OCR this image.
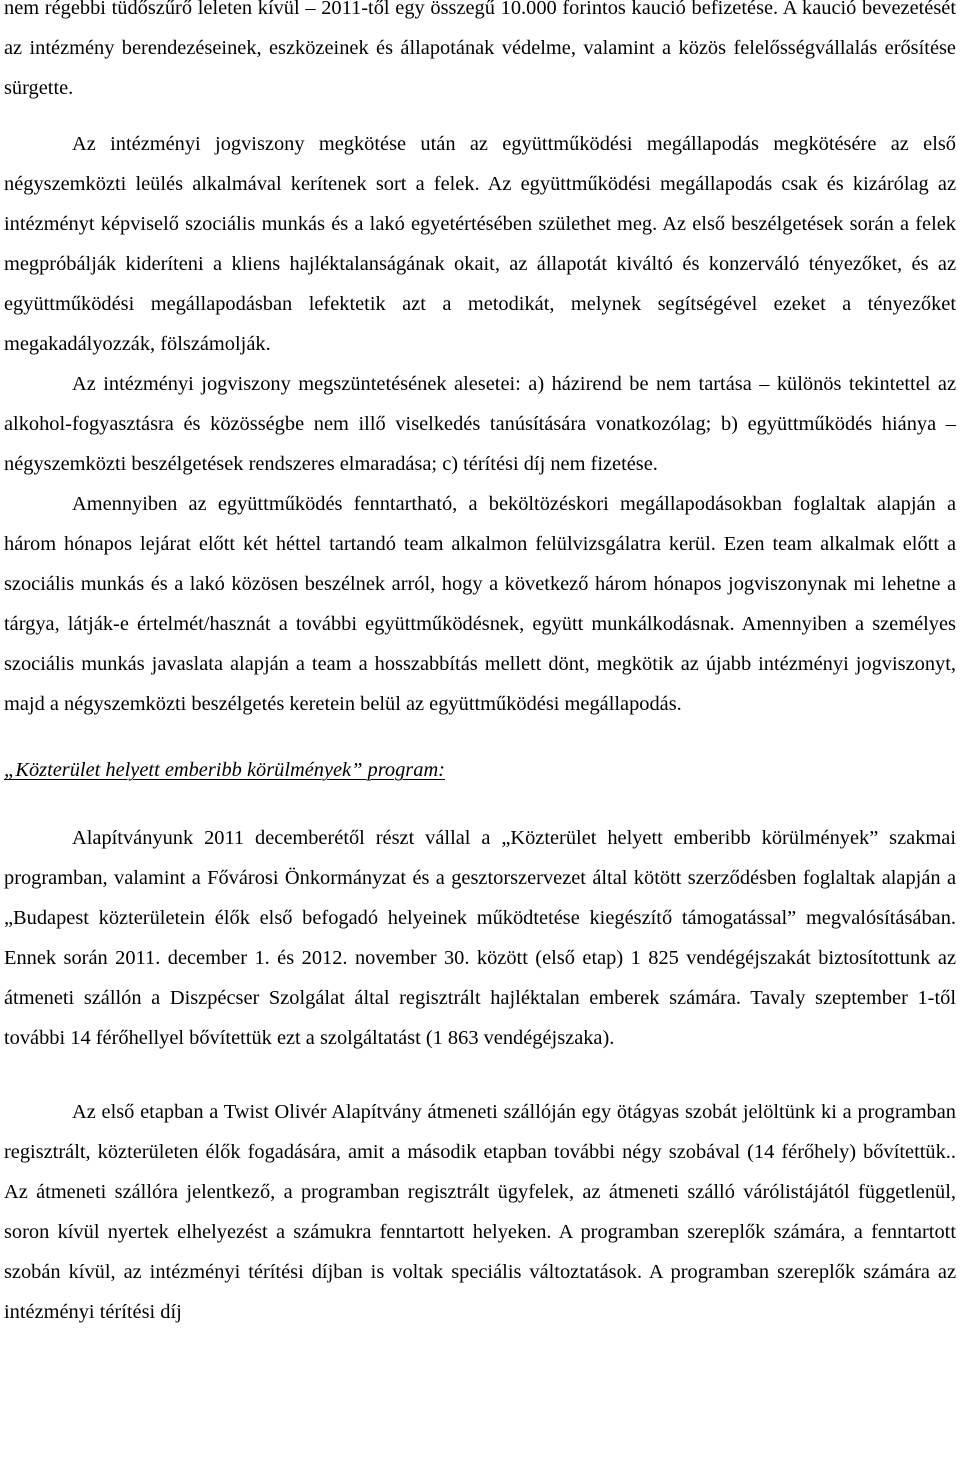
nem régebbi tüdőszűrő leleten kívül – 2011-től egy összegű 10.000 forintos kaució befizetése. A kaució bevezetését az intézmény berendezéseinek, eszközeinek és állapotának védelme, valamint a közös felelősségvállalás erősítése sürgette.

Az intézményi jogviszony megkötése után az együttműködési megállapodás megkötésére az első négyszemközti leülés alkalmával kerítenek sort a felek. Az együttműködési megállapodás csak és kizárólag az intézményt képviselő szociális munkás és a lakó egyetértésében születhet meg. Az első beszélgetések során a felek megpróbálják kideríteni a kliens hajléktalanságának okait, az állapotát kiváltó és konzerváló tényezőket, és az együttműködési megállapodásban lefektetik azt a metodikát, melynek segítségével ezeket a tényezőket megakadályozzák, fölszámolják.

Az intézményi jogviszony megszüntetésének alesetei: a) házirend be nem tartása – különös tekintettel az alkohol-fogyasztásra és közösségbe nem illő viselkedés tanúsítására vonatkozólag; b) együttműködés hiánya – négyszemközti beszélgetések rendszeres elmaradása; c) térítési díj nem fizetése.

Amennyiben az együttműködés fenntartható, a beköltözéskori megállapodásokban foglaltak alapján a három hónapos lejárat előtt két héttel tartandó team alkalmon felülvizsgálatra kerül. Ezen team alkalmak előtt a szociális munkás és a lakó közösen beszélnek arról, hogy a következő három hónapos jogviszonynak mi lehetne a tárgya, látják-e értelmét/hasznát a további együttműködésnek, együtt munkálkodásnak. Amennyiben a személyes szociális munkás javaslata alapján a team a hosszabbítás mellett dönt, megkötik az újabb intézményi jogviszonyt, majd a négyszemközti beszélgetés keretein belül az együttműködési megállapodás.

„Közterület helyett emberibb körülmények” program:

Alapítványunk 2011 decemberétől részt vállal a „Közterület helyett emberibb körülmények” szakmai programban, valamint a Fővárosi Önkormányzat és a gesztorszervezet által kötött szerződésben foglaltak alapján a „Budapest közterületein élők első befogadó helyeinek működtetése kiegészítő támogatással” megvalósításában. Ennek során 2011. december 1. és 2012. november 30. között (első etap) 1 825 vendégéjszakát biztosítottunk az átmeneti szállón a Diszpécser Szolgálat által regisztrált hajléktalan emberek számára. Tavaly szeptember 1-től további 14 férőhellyel bővítettük ezt a szolgáltatást (1 863 vendégéjszaka).

Az első etapban a Twist Olivér Alapítvány átmeneti szállóján egy ötágyas szobát jelöltünk ki a programban regisztrált, közterületen élők fogadására, amit a második etapban további négy szobával (14 férőhely) bővítettük.. Az átmeneti szállóra jelentkező, a programban regisztrált ügyfelek, az átmeneti szálló várólistájától függetlenül, soron kívül nyertek elhelyezést a számukra fenntartott helyeken. A programban szereplők számára, a fenntartott szobán kívül, az intézményi térítési díjban is voltak speciális változtatások. A programban szereplők számára az intézményi térítési díj
